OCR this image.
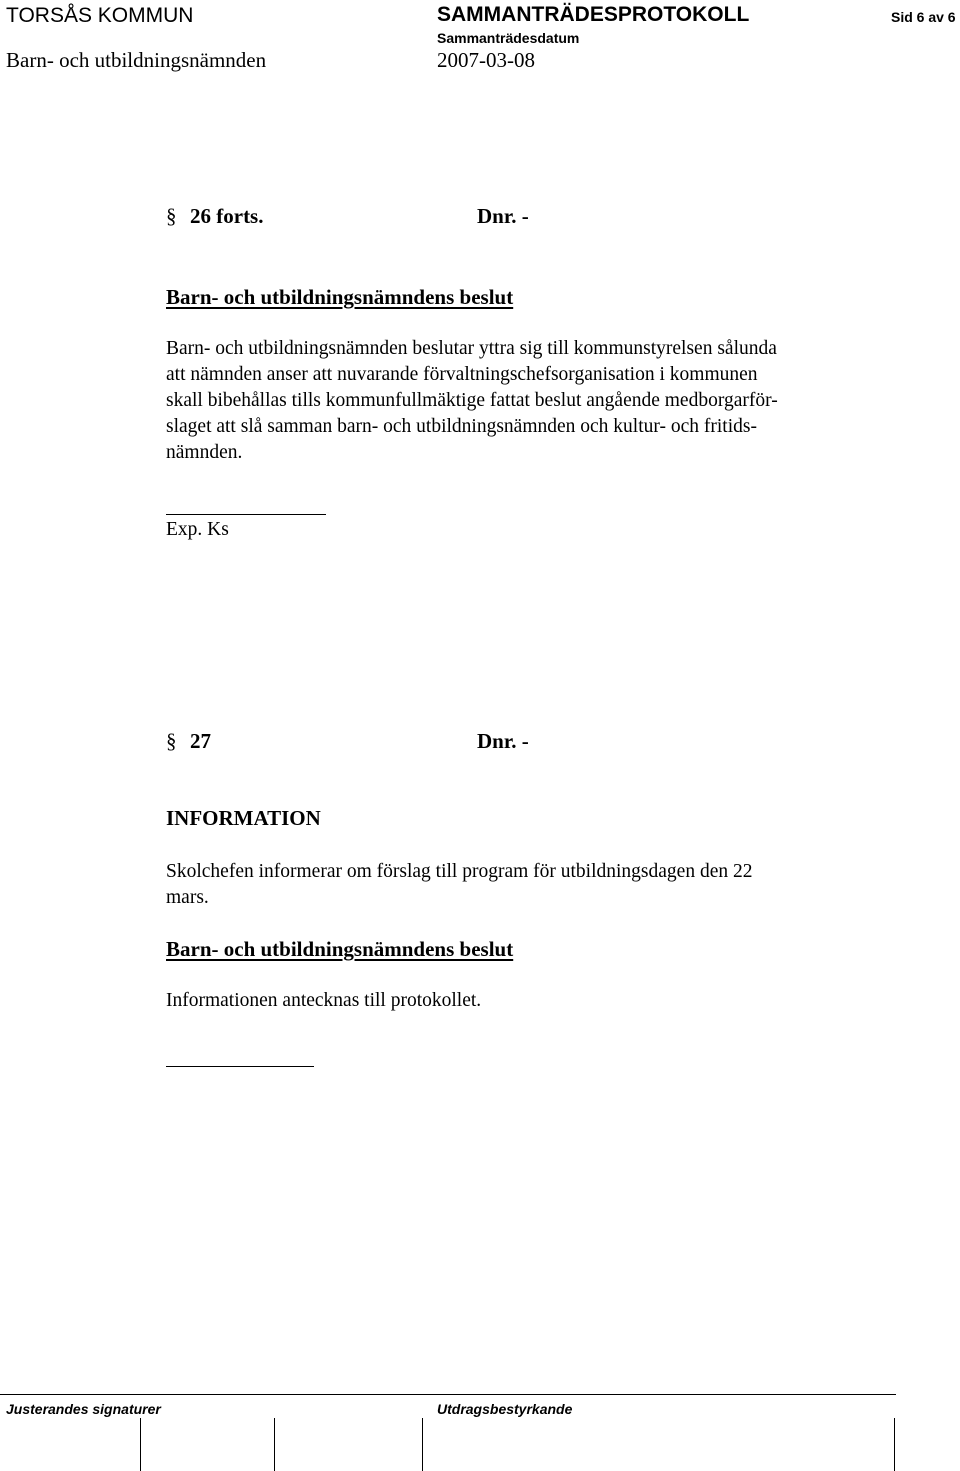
TORSÅS KOMMUN	SAMMANTRÄDESPROTOKOLL	Sid 6 av 6
Barn- och utbildningsnämnden
Sammanträdesdatum
2007-03-08
§ 26 forts.	Dnr. -
Barn- och utbildningsnämndens beslut

Barn- och utbildningsnämnden beslutar yttra sig till kommunstyrelsen sålunda

att nämnden anser att nuvarande förvaltningschefsorganisation i kommunen

skall bibehållas tills kommunfullmäktige fattat beslut angående medborgarför-

slaget att slå samman barn- och utbildningsnämnden och kultur- och fritids-

nämnden.

Exp. Ks
§ 27	Dnr. -
INFORMATION

Skolchefen informerar om förslag till program för utbildningsdagen den 22

mars.

Barn- och utbildningsnämndens beslut
Informationen antecknas till protokollet.
Justerandes signaturer	Utdragsbestyrkande
